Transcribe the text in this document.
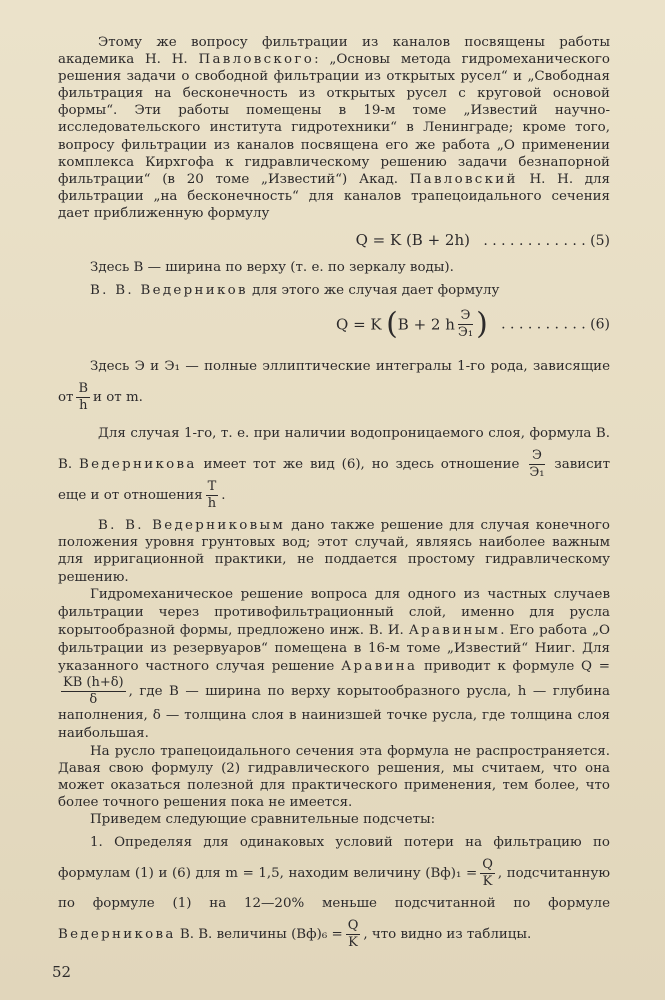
Этому же вопросу фильтрации из каналов посвящены работы академика Н. Н. Павловского: „Основы метода гидромеханического решения задачи о свободной фильтрации из открытых русел“ и „Свободная фильтрация на бесконечность из открытых русел с круговой основой формы“. Эти работы помещены в 19-м томе „Известий научно-исследовательского института гидротехники“ в Ленинграде; кроме того, вопросу фильтрации из каналов посвящена его же работа „О применении комплекса Кирхгофа к гидравлическому решению задачи безнапорной фильтрации“ (в 20 томе „Известий“) Акад. Павловский Н. Н. для фильтрации „на бесконечность“ для каналов трапецоидального сечения дает приближенную формулу

Q = K (B + 2h) . . . . . . . . . . . . (5)

Здесь B — ширина по верху (т. е. по зеркалу воды).

В. В. Ведерников для этого же случая дает формулу

Q = K (B + 2 h $\frac{Э}{\text{Э₁}}$ ) . . . . . . . . . . (6)

Здесь Э и Э₁ — полные эллиптические интегралы 1-го рода, зависящие от $\frac{B}{h}$ и от m.

Для случая 1-го, т. е. при наличии водопроницаемого слоя, формула В. В. Ведерникова имеет тот же вид (6), но здесь отношение $\frac{Э}{\text{Э₁}}$ зависит еще и от отношения $\frac{T}{h}$ .

В. В. Ведерниковым дано также решение для случая конечного положения уровня грунтовых вод; этот случай, являясь наиболее важным для ирригационной практики, не поддается простому гидравлическому решению.

Гидромеханическое решение вопроса для одного из частных случаев фильтрации через противофильтрационный слой, именно для русла корытообразной формы, предложено инж. В. И. Аравиным. Его работа „О фильтрации из резервуаров“ помещена в 16-м томе „Известий“ Нииг. Для указанного частного случая решение Аравина приводит к формуле Q =
$\frac{KB (h+\delta)}{\delta}$ , где B — ширина по верху корытообразного русла, h — глубина наполнения, δ — толщина слоя в наинизшей точке русла, где толщина слоя наибольшая.

На русло трапецоидального сечения эта формула не распространяется. Давая свою формулу (2) гидравлического решения, мы считаем, что она может оказаться полезной для практического применения, тем более, что более точного решения пока не имеется.

Приведем следующие сравнительные подсчеты:

1. Определяя для одинаковых условий потери на фильтрацию по формулам (1) и (6) для m = 1,5, находим величину $(Bф)_1 = \frac{Q}{K}$ , подсчитанную по формуле (1) на 12—20% меньше подсчитанной по формуле Ведерникова В. В. величины $(Bф)_6 = \frac{Q}{K}$ , что видно из таблицы.

52
